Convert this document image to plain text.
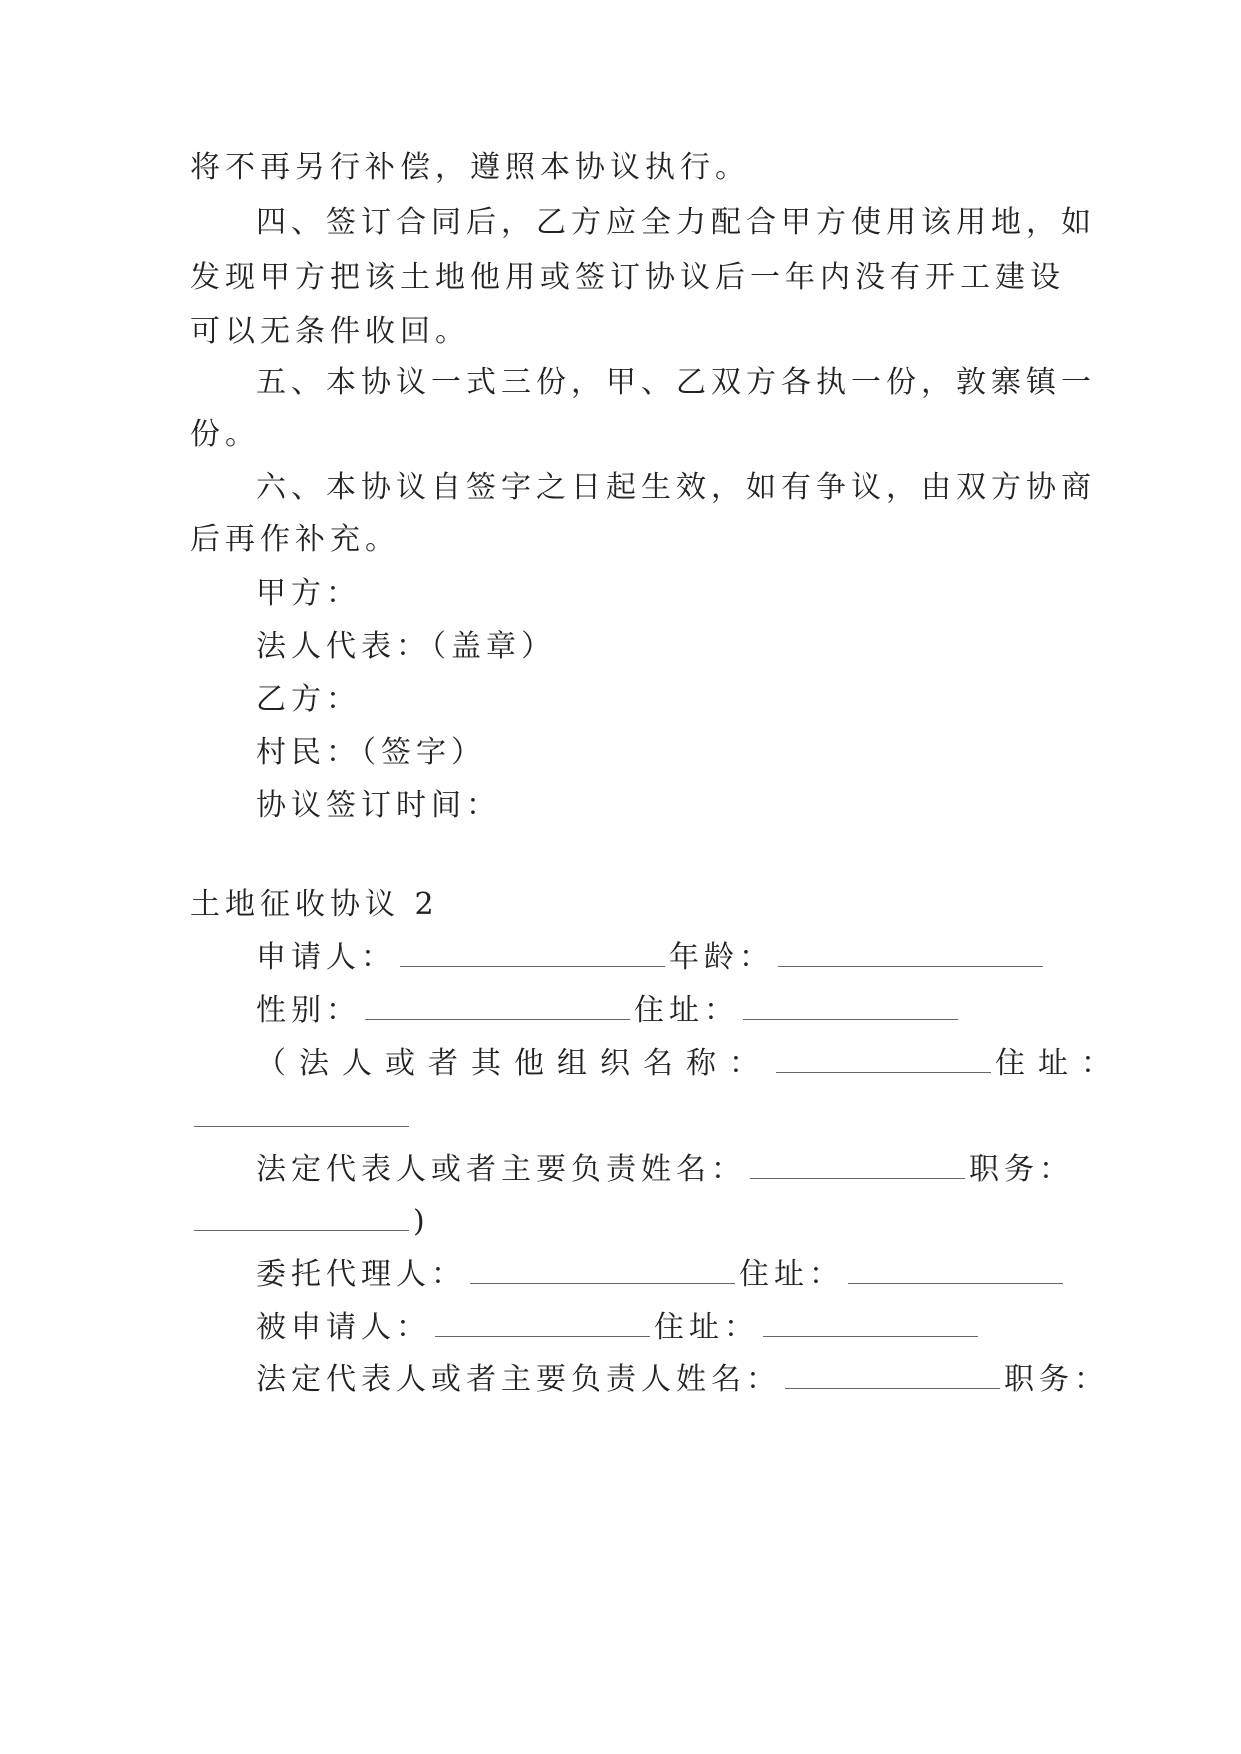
将不再另行补偿，遵照本协议执行。
四、签订合同后，乙方应全力配合甲方使用该用地，如
发现甲方把该土地他用或签订协议后一年内没有开工建设
可以无条件收回。
五、本协议一式三份，甲、乙双方各执一份，敦寨镇一
份。
六、本协议自签字之日起生效，如有争议，由双方协商
后再作补充。
甲方：
法人代表：（盖章）
乙方：
村民：（签字）
协议签订时间：
土地征收协议 2
申请人：	年龄：
性别：	住址：
（法人或者其他组织名称：	住址：
法定代表人或者主要负责姓名：	职务：
)
委托代理人：	住址：
被申请人：	住址：
法定代表人或者主要负责人姓名：	职务：
